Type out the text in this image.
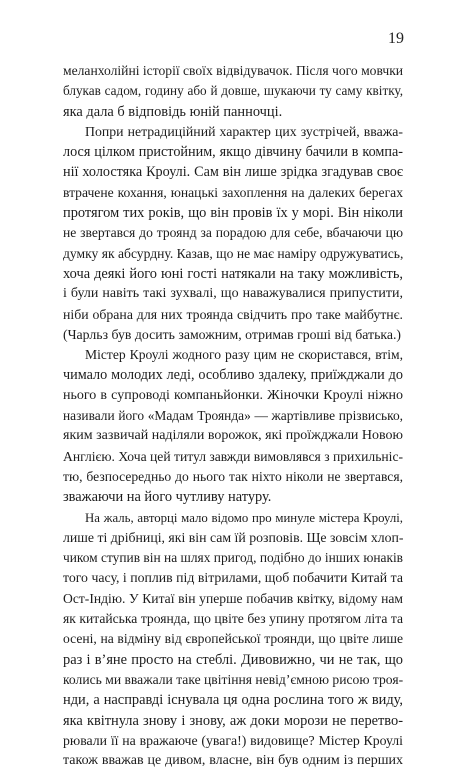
19
меланхолійні історії своїх відвідувачок. Після чого мовчки
блукав садом, годину або й довше, шукаючи ту саму квітку,
яка дала б відповідь юній панночці.
Попри нетрадиційний характер цих зустрічей, вважа-
лося цілком пристойним, якщо дівчину бачили в компа-
нії холостяка Кроулі. Сам він лише зрідка згадував своє
втрачене кохання, юнацькі захоплення на далеких берегах
протягом тих років, що він провів їх у морі. Він ніколи
не звертався до троянд за порадою для себе, вбачаючи цю
думку як абсурдну. Казав, що не має наміру одружуватись,
хоча деякі його юні гості натякали на таку можливість,
і були навіть такі зухвалі, що наважувалися припустити,
ніби обрана для них троянда свідчить про таке майбутнє.
(Чарльз був досить заможним, отримав гроші від батька.)
Містер Кроулі жодного разу цим не скористався, втім,
чимало молодих леді, особливо здалеку, приїжджали до
нього в супроводі компаньйонки. Жіночки Кроулі ніжно
називали його «Мадам Троянда» — жартівливе прізвисько,
яким зазвичай наділяли ворожок, які проїжджали Новою
Англією. Хоча цей титул завжди вимовлявся з прихильніс-
тю, безпосередньо до нього так ніхто ніколи не звертався,
зважаючи на його чутливу натуру.
На жаль, авторці мало відомо про минуле містера Кроулі,
лише ті дрібниці, які він сам їй розповів. Ще зовсім хлоп-
чиком ступив він на шлях пригод, подібно до інших юнаків
того часу, і поплив під вітрилами, щоб побачити Китай та
Ост-Індію. У Китаї він уперше побачив квітку, відому нам
як китайська троянда, що цвіте без упину протягом літа та
осені, на відміну від європейської троянди, що цвіте лише
раз і в’яне просто на стеблі. Дивовижно, чи не так, що
колись ми вважали таке цвітіння невід’ємною рисою троя-
нди, а насправді існувала ця одна рослина того ж виду,
яка квітнула знову і знову, аж доки морози не перетво-
рювали її на вражаюче (увага!) видовище? Містер Кроулі
також вважав це дивом, власне, він був одним із перших
